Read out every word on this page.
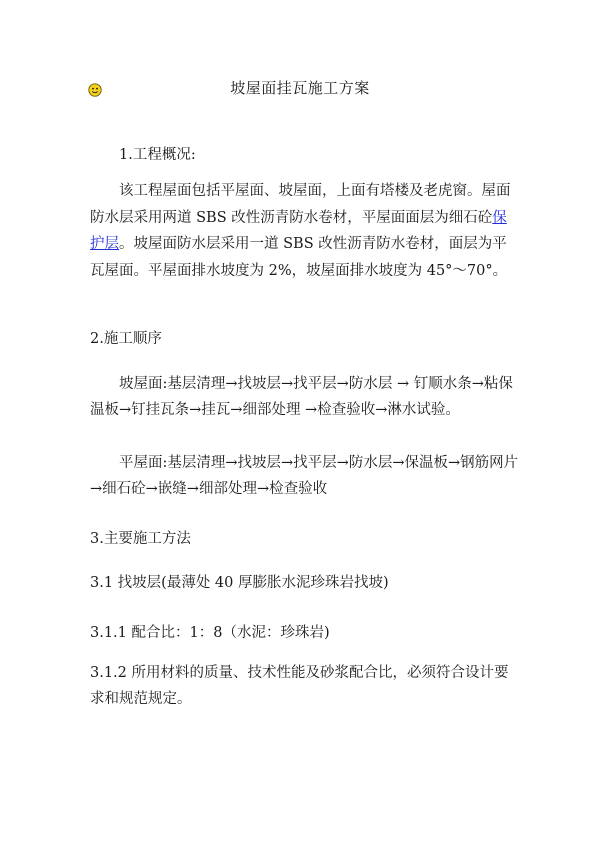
坡屋面挂瓦施工方案

1.工程概况:

该工程屋面包括平屋面、坡屋面，上面有塔楼及老虎窗。屋面防水层采用两道 SBS 改性沥青防水卷材，平屋面面层为细石砼保护层。坡屋面防水层采用一道 SBS 改性沥青防水卷材，面层为平瓦屋面。平屋面排水坡度为 2%，坡屋面排水坡度为 45°～70°。

2.施工顺序

坡屋面:基层清理→找坡层→找平层→防水层 → 钉顺水条→粘保温板→钉挂瓦条→挂瓦→细部处理 →检查验收→淋水试验。

平屋面:基层清理→找坡层→找平层→防水层→保温板→钢筋网片→细石砼→嵌缝→细部处理→检查验收

3.主要施工方法

3.1 找坡层(最薄处 40 厚膨胀水泥珍珠岩找坡)

3.1.1 配合比：1：8（水泥：珍珠岩)

3.1.2 所用材料的质量、技术性能及砂浆配合比，必须符合设计要求和规范规定。
